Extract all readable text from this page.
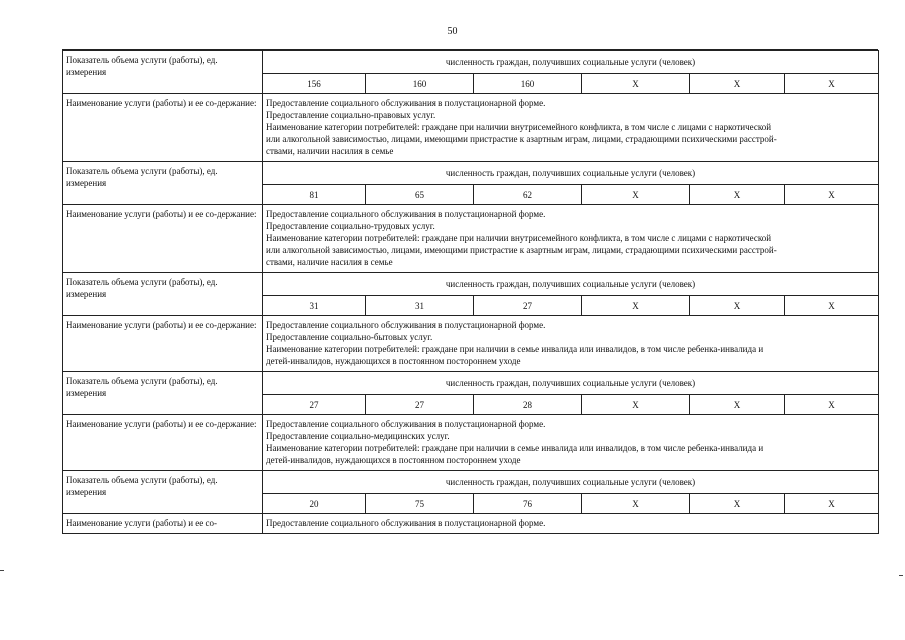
50
Показатель объема услуги (работы), ед. измерения	численность граждан, получивших социальные услуги (человек)					
	156	160	160	X	X	X
Наименование услуги (работы) и ее со-держание:	Предоставление социального обслуживания в полустационарной форме.
Предоставление социально-правовых услуг.
Наименование категории потребителей: граждане при наличии внутрисемейного конфликта, в том числе с лицами с наркотической
или алкогольной зависимостью, лицами, имеющими пристрастие к азартным играм, лицами, страдающими психическими расстрой-
ствами, наличии насилия в семье					

Показатель объема услуги (работы), ед. измерения	численность граждан, получивших социальные услуги (человек)					
	81	65	62	X	X	X
Наименование услуги (работы) и ее со-держание:	Предоставление социального обслуживания в полустационарной форме.
Предоставление социально-трудовых услуг.
Наименование категории потребителей: граждане при наличии внутрисемейного конфликта, в том числе с лицами с наркотической
или алкогольной зависимостью, лицами, имеющими пристрастие к азартным играм, лицами, страдающими психическими расстрой-
ствами, наличие насилия в семье					

Показатель объема услуги (работы), ед. измерения	численность граждан, получивших социальные услуги (человек)					
	31	31	27	X	X	X
Наименование услуги (работы) и ее со-держание:	Предоставление социального обслуживания в полустационарной форме.
Предоставление социально-бытовых услуг.
Наименование категории потребителей: граждане при наличии в семье инвалида или инвалидов, в том числе ребенка-инвалида и
детей-инвалидов, нуждающихся в постоянном постороннем уходе					

Показатель объема услуги (работы), ед. измерения	численность граждан, получивших социальные услуги (человек)					
	27	27	28	X	X	X
Наименование услуги (работы) и ее со-держание:	Предоставление социального обслуживания в полустационарной форме.
Предоставление социально-медицинских услуг.
Наименование категории потребителей: граждане при наличии в семье инвалида или инвалидов, в том числе ребенка-инвалида и
детей-инвалидов, нуждающихся в постоянном постороннем уходе					

Показатель объема услуги (работы), ед. измерения	численность граждан, получивших социальные услуги (человек)					
	20	75	76	X	X	X
Наименование услуги (работы) и ее со-	Предоставление социального обслуживания в полустационарной форме.					
